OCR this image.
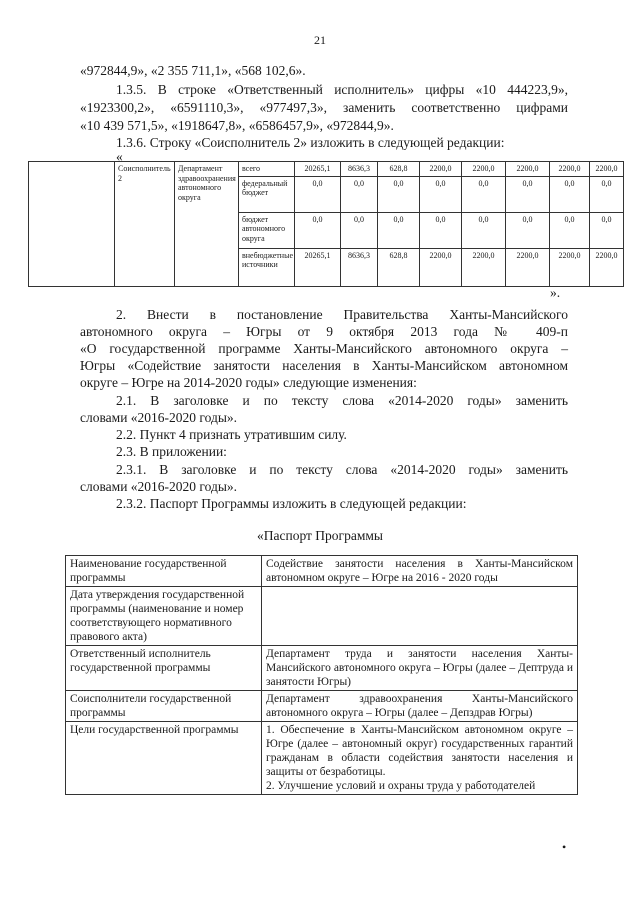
21
«972844,9», «2 355 711,1», «568 102,6».
1.3.5. В строке «Ответственный исполнитель» цифры «10 444223,9»,
«1923300,2», «6591110,3», «977497,3», заменить соответственно цифрами
«10 439 571,5», «1918647,8», «6586457,9», «972844,9».
1.3.6. Строку «Соисполнитель 2» изложить в следующей редакции:
«
	Соисполнитель 2	Департамент здравоохранения автономного округа	всего	20265,1	8636,3	628,8	2200,0	2200,0	2200,0	2200,0	2200,0
			федеральный бюджет	0,0	0,0	0,0	0,0	0,0	0,0	0,0	0,0
			бюджет автономного округа	0,0	0,0	0,0	0,0	0,0	0,0	0,0	0,0
			внебюджетные источники	20265,1	8636,3	628,8	2200,0	2200,0	2200,0	2200,0	2200,0
».
2. Внести в постановление Правительства Ханты-Мансийского
автономного округа – Югры от 9 октября 2013 года № 409-п
«О государственной программе Ханты-Мансийского автономного округа –
Югры «Содействие занятости населения в Ханты-Мансийском автономном
округе – Югре на 2014-2020 годы» следующие изменения:
2.1. В заголовке и по тексту слова «2014-2020 годы» заменить
словами «2016-2020 годы».
2.2. Пункт 4 признать утратившим силу.
2.3. В приложении:
2.3.1. В заголовке и по тексту слова «2014-2020 годы» заменить
словами «2016-2020 годы».
2.3.2. Паспорт Программы изложить в следующей редакции:
«Паспорт Программы
Наименование государственной программы	Содействие занятости населения в Ханты-Мансийском автономном округе – Югре на 2016 - 2020 годы
Дата утверждения государственной программы (наименование и номер соответствующего нормативного правового акта)	
Ответственный исполнитель государственной программы	Департамент труда и занятости населения Ханты-Мансийского автономного округа – Югры (далее – Дептруда и занятости Югры)
Соисполнители государственной программы	Департамент здравоохранения Ханты-Мансийского автономного округа – Югры (далее – Депздрав Югры)
Цели государственной программы	1. Обеспечение в Ханты-Мансийском автономном округе – Югре (далее – автономный округ) государственных гарантий гражданам в области содействия занятости населения и защиты от безработицы.
2. Улучшение условий и охраны труда у работодателей
•
